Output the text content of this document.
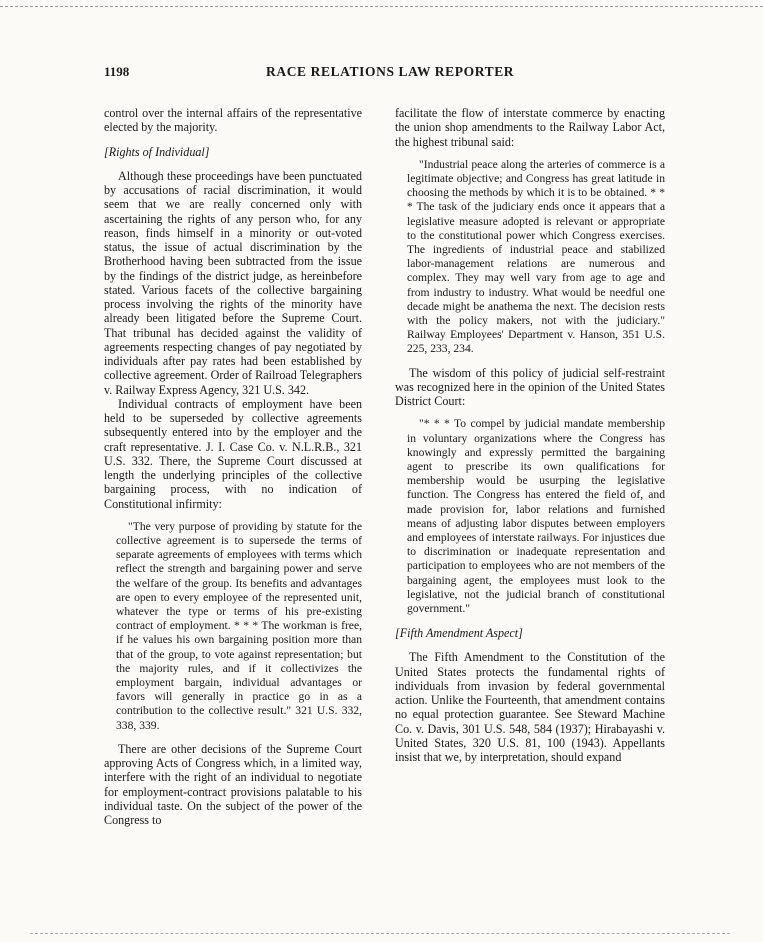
1198	RACE RELATIONS LAW REPORTER

control over the internal affairs of the representative elected by the majority.

[Rights of Individual]

Although these proceedings have been punctuated by accusations of racial discrimination, it would seem that we are really concerned only with ascertaining the rights of any person who, for any reason, finds himself in a minority or out-voted status, the issue of actual discrimination by the Brotherhood having been subtracted from the issue by the findings of the district judge, as hereinbefore stated. Various facets of the collective bargaining process involving the rights of the minority have already been litigated before the Supreme Court. That tribunal has decided against the validity of agreements respecting changes of pay negotiated by individuals after pay rates had been established by collective agreement. Order of Railroad Telegraphers v. Railway Express Agency, 321 U.S. 342.

Individual contracts of employment have been held to be superseded by collective agreements subsequently entered into by the employer and the craft representative. J. I. Case Co. v. N.L.R.B., 321 U.S. 332. There, the Supreme Court discussed at length the underlying principles of the collective bargaining process, with no indication of Constitutional infirmity:

"The very purpose of providing by statute for the collective agreement is to supersede the terms of separate agreements of employees with terms which reflect the strength and bargaining power and serve the welfare of the group. Its benefits and advantages are open to every employee of the represented unit, whatever the type or terms of his pre-existing contract of employment. * * * The workman is free, if he values his own bargaining position more than that of the group, to vote against representation; but the majority rules, and if it collectivizes the employment bargain, individual advantages or favors will generally in practice go in as a contribution to the collective result." 321 U.S. 332, 338, 339.

There are other decisions of the Supreme Court approving Acts of Congress which, in a limited way, interfere with the right of an individual to negotiate for employment-contract provisions palatable to his individual taste. On the subject of the power of the Congress to

facilitate the flow of interstate commerce by enacting the union shop amendments to the Railway Labor Act, the highest tribunal said:

"Industrial peace along the arteries of commerce is a legitimate objective; and Congress has great latitude in choosing the methods by which it is to be obtained. * * * The task of the judiciary ends once it appears that a legislative measure adopted is relevant or appropriate to the constitutional power which Congress exercises. The ingredients of industrial peace and stabilized labor-management relations are numerous and complex. They may well vary from age to age and from industry to industry. What would be needful one decade might be anathema the next. The decision rests with the policy makers, not with the judiciary." Railway Employees' Department v. Hanson, 351 U.S. 225, 233, 234.

The wisdom of this policy of judicial self-restraint was recognized here in the opinion of the United States District Court:

"* * * To compel by judicial mandate membership in voluntary organizations where the Congress has knowingly and expressly permitted the bargaining agent to prescribe its own qualifications for membership would be usurping the legislative function. The Congress has entered the field of, and made provision for, labor relations and furnished means of adjusting labor disputes between employers and employees of interstate railways. For injustices due to discrimination or inadequate representation and participation to employees who are not members of the bargaining agent, the employees must look to the legislative, not the judicial branch of constitutional government."

[Fifth Amendment Aspect]

The Fifth Amendment to the Constitution of the United States protects the fundamental rights of individuals from invasion by federal governmental action. Unlike the Fourteenth, that amendment contains no equal protection guarantee. See Steward Machine Co. v. Davis, 301 U.S. 548, 584 (1937); Hirabayashi v. United States, 320 U.S. 81, 100 (1943). Appellants insist that we, by interpretation, should expand
